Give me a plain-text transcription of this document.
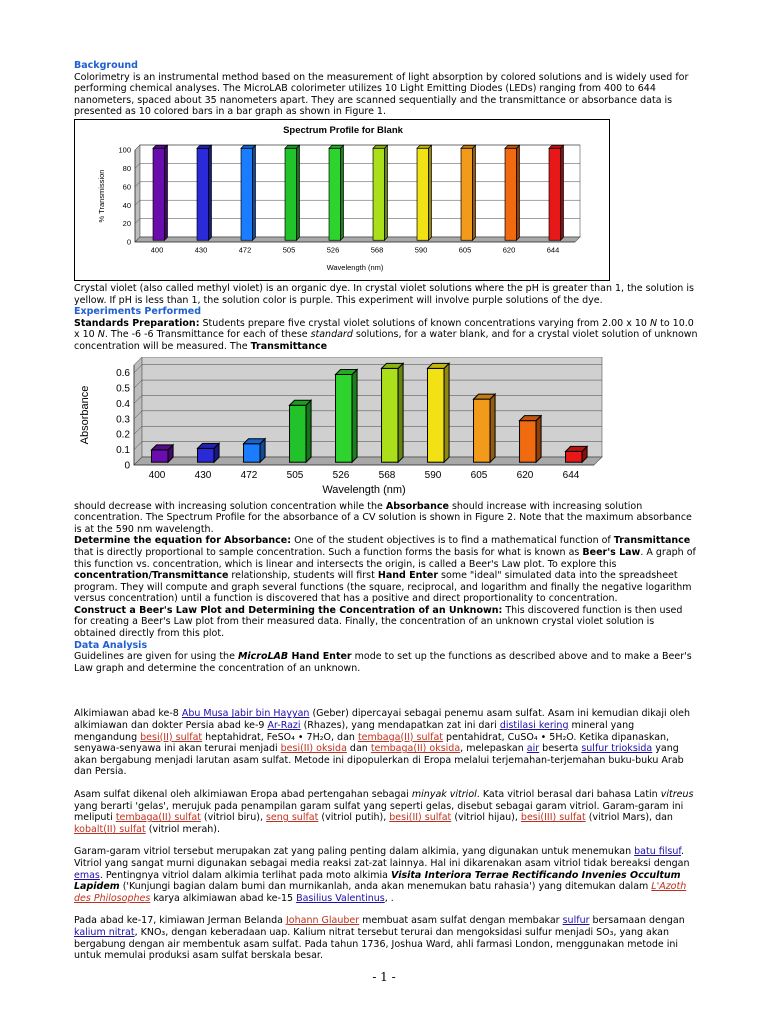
Background

Colorimetry is an instrumental method based on the measurement of light absorption by colored solutions and is widely used for performing chemical analyses. The MicroLAB colorimeter utilizes 10 Light Emitting Diodes (LEDs) ranging from 400 to 644 nanometers, spaced about 35 nanometers apart. They are scanned sequentially and the transmittance or absorbance data is presented as 10 colored bars in a bar graph as shown in Figure 1.

0
20
40
60
80
100
400	430	472	505	526	568	590	605	620	644
Spectrum Profile for Blank
Wavelength (nm)
% Transmission

Crystal violet (also called methyl violet) is an organic dye. In crystal violet solutions where the pH is greater than 1, the solution is yellow. If pH is less than 1, the solution color is purple. This experiment will involve purple solutions of the dye.

Experiments Performed

Standards Preparation: Students prepare five crystal violet solutions of known concentrations varying from 2.00 x 10 N to 10.0 x 10 N. The -6 -6 Transmittance for each of these standard solutions, for a water blank, and for a crystal violet solution of unknown concentration will be measured. The Transmittance

0
0.1
0.2
0.3
0.4
0.5
0.6
400	430	472	505	526	568	590	605	620	644
Wavelength (nm)
Absorbance

should decrease with increasing solution concentration while the Absorbance should increase with increasing solution concentration. The Spectrum Profile for the absorbance of a CV solution is shown in Figure 2. Note that the maximum absorbance is at the 590 nm wavelength.

Determine the equation for Absorbance: One of the student objectives is to find a mathematical function of Transmittance that is directly proportional to sample concentration. Such a function forms the basis for what is known as Beer's Law. A graph of this function vs. concentration, which is linear and intersects the origin, is called a Beer's Law plot. To explore this concentration/Transmittance relationship, students will first Hand Enter some "ideal" simulated data into the spreadsheet program. They will compute and graph several functions (the square, reciprocal, and logarithm and finally the negative logarithm versus concentration) until a function is discovered that has a positive and direct proportionality to concentration.

Construct a Beer's Law Plot and Determining the Concentration of an Unknown: This discovered function is then used for creating a Beer's Law plot from their measured data. Finally, the concentration of an unknown crystal violet solution is obtained directly from this plot.

Data Analysis

Guidelines are given for using the MicroLAB Hand Enter mode to set up the functions as described above and to make a Beer's Law graph and determine the concentration of an unknown.

Alkimiawan abad ke-8 Abu Musa Jabir bin Hayyan (Geber) dipercayai sebagai penemu asam sulfat. Asam ini kemudian dikaji oleh alkimiawan dan dokter Persia abad ke-9 Ar-Razi (Rhazes), yang mendapatkan zat ini dari distilasi kering mineral yang mengandung besi(II) sulfat heptahidrat, FeSO₄ • 7H₂O, dan tembaga(II) sulfat pentahidrat, CuSO₄ • 5H₂O. Ketika dipanaskan, senyawa-senyawa ini akan terurai menjadi besi(II) oksida dan tembaga(II) oksida, melepaskan air beserta sulfur trioksida yang akan bergabung menjadi larutan asam sulfat. Metode ini dipopulerkan di Eropa melalui terjemahan-terjemahan buku-buku Arab dan Persia.

Asam sulfat dikenal oleh alkimiawan Eropa abad pertengahan sebagai minyak vitriol. Kata vitriol berasal dari bahasa Latin vitreus yang berarti 'gelas', merujuk pada penampilan garam sulfat yang seperti gelas, disebut sebagai garam vitriol. Garam-garam ini meliputi tembaga(II) sulfat (vitriol biru), seng sulfat (vitriol putih), besi(II) sulfat (vitriol hijau), besi(III) sulfat (vitriol Mars), dan kobalt(II) sulfat (vitriol merah).

Garam-garam vitriol tersebut merupakan zat yang paling penting dalam alkimia, yang digunakan untuk menemukan batu filsuf. Vitriol yang sangat murni digunakan sebagai media reaksi zat-zat lainnya. Hal ini dikarenakan asam vitriol tidak bereaksi dengan emas. Pentingnya vitriol dalam alkimia terlihat pada moto alkimia Visita Interiora Terrae Rectificando Invenies Occultum Lapidem ('Kunjungi bagian dalam bumi dan murnikanlah, anda akan menemukan batu rahasia') yang ditemukan dalam L'Azoth des Philosophes karya alkimiawan abad ke-15 Basilius Valentinus, .

Pada abad ke-17, kimiawan Jerman Belanda Johann Glauber membuat asam sulfat dengan membakar sulfur bersamaan dengan kalium nitrat, KNO₃, dengan keberadaan uap. Kalium nitrat tersebut terurai dan mengoksidasi sulfur menjadi SO₃, yang akan bergabung dengan air membentuk asam sulfat. Pada tahun 1736, Joshua Ward, ahli farmasi London, menggunakan metode ini untuk memulai produksi asam sulfat berskala besar.

- 1 -
